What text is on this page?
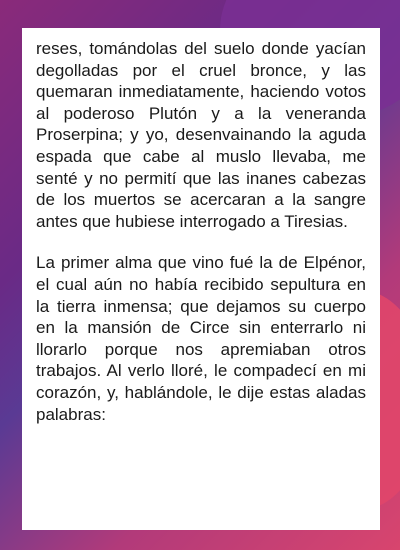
reses, tomándolas del suelo donde yacían degolladas por el cruel bronce, y las quemaran inmediatamente, haciendo votos al poderoso Plutón y a la veneranda Proserpina; y yo, desenvainando la aguda espada que cabe al muslo llevaba, me senté y no permití que las inanes cabezas de los muertos se acercaran a la sangre antes que hubiese interrogado a Tiresias.

La primer alma que vino fué la de Elpénor, el cual aún no había recibido sepultura en la tierra inmensa; que dejamos su cuerpo en la mansión de Circe sin enterrarlo ni llorarlo porque nos apremiaban otros trabajos. Al verlo lloré, le compadecí en mi corazón, y, hablándole, le dije estas aladas palabras:
